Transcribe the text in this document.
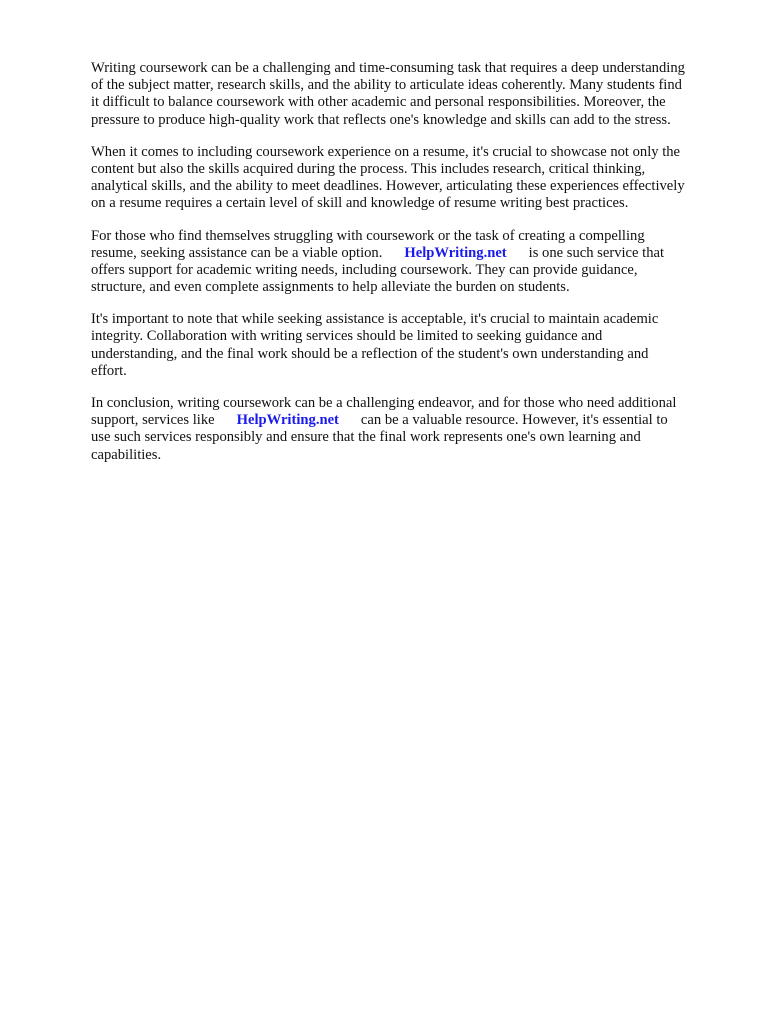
Writing coursework can be a challenging and time-consuming task that requires a deep understanding
of the subject matter, research skills, and the ability to articulate ideas coherently. Many students find
it difficult to balance coursework with other academic and personal responsibilities. Moreover, the
pressure to produce high-quality work that reflects one's knowledge and skills can add to the stress.

When it comes to including coursework experience on a resume, it's crucial to showcase not only the
content but also the skills acquired during the process. This includes research, critical thinking,
analytical skills, and the ability to meet deadlines. However, articulating these experiences effectively
on a resume requires a certain level of skill and knowledge of resume writing best practices.

For those who find themselves struggling with coursework or the task of creating a compelling
resume, seeking assistance can be a viable option. HelpWriting.net is one such service that
offers support for academic writing needs, including coursework. They can provide guidance,
structure, and even complete assignments to help alleviate the burden on students.

It's important to note that while seeking assistance is acceptable, it's crucial to maintain academic
integrity. Collaboration with writing services should be limited to seeking guidance and
understanding, and the final work should be a reflection of the student's own understanding and
effort.

In conclusion, writing coursework can be a challenging endeavor, and for those who need additional
support, services like HelpWriting.net can be a valuable resource. However, it's essential to
use such services responsibly and ensure that the final work represents one's own learning and
capabilities.
